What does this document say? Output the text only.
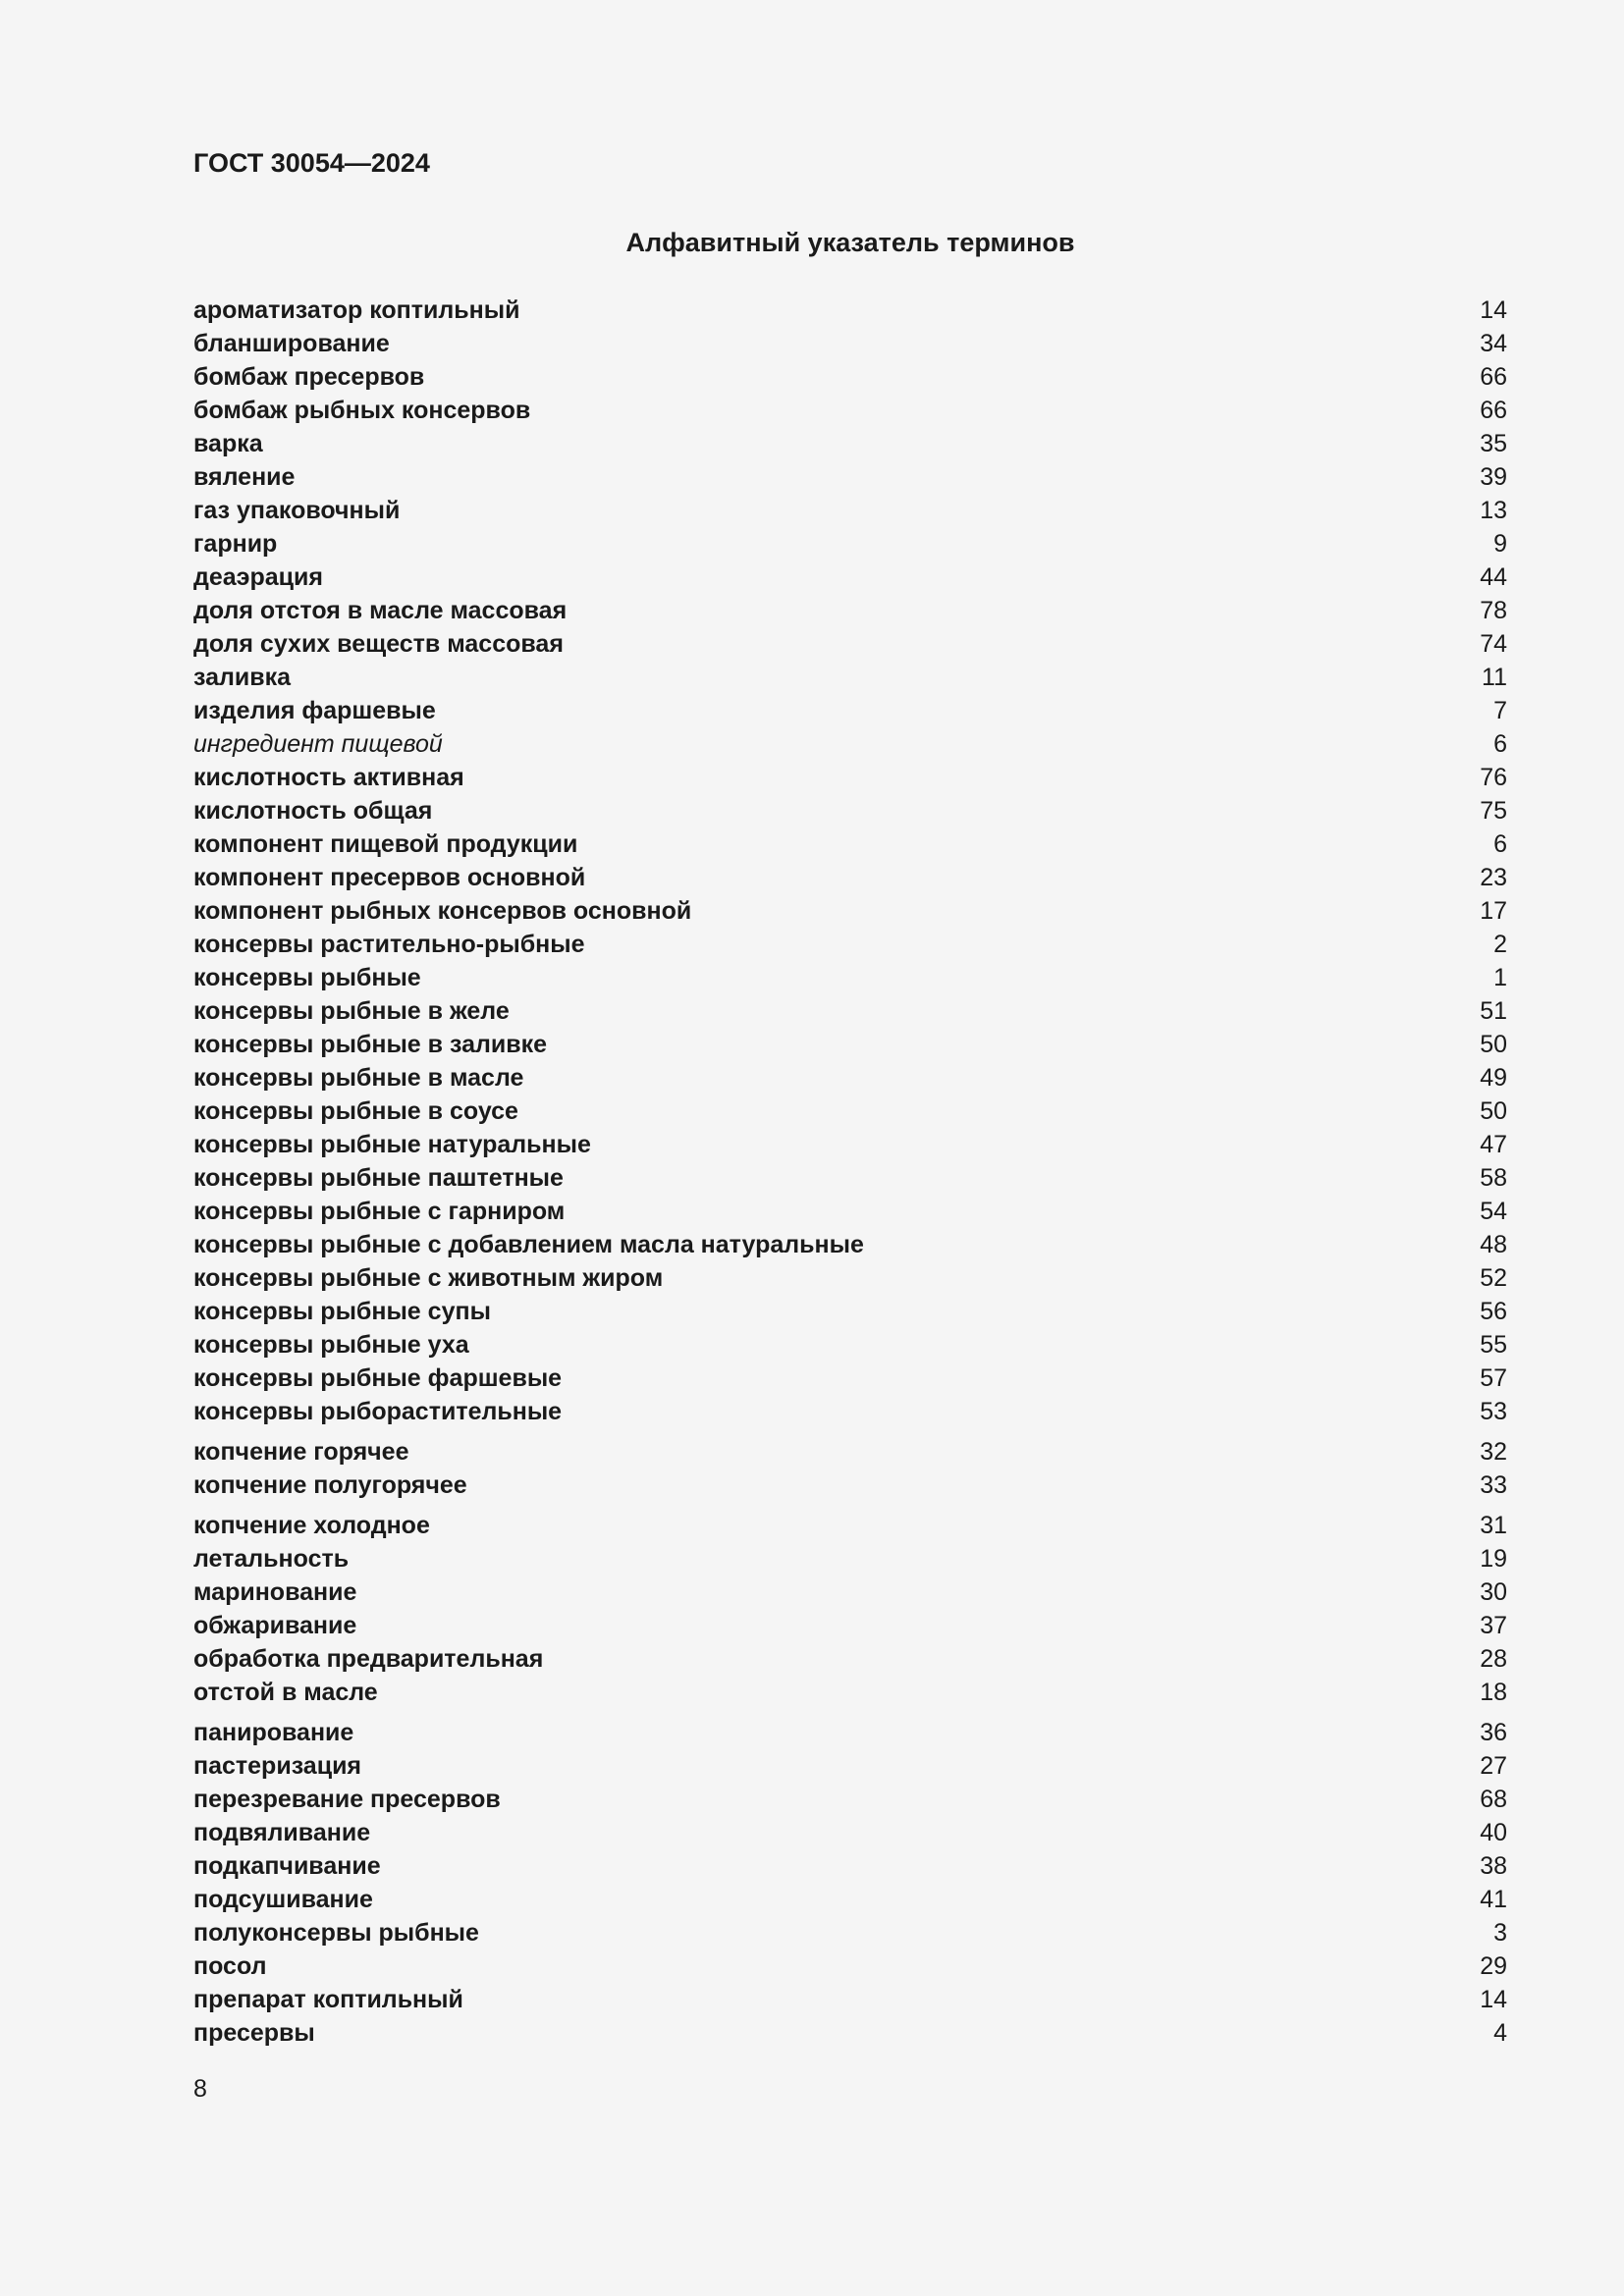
ГОСТ 30054—2024
Алфавитный указатель терминов
ароматизатор коптильный	14
бланширование	34
бомбаж пресервов	66
бомбаж рыбных консервов	66
варка	35
вяление	39
газ упаковочный	13
гарнир	9
деаэрация	44
доля отстоя в масле массовая	78
доля сухих веществ массовая	74
заливка	11
изделия фаршевые	7
ингредиент пищевой	6
кислотность активная	76
кислотность общая	75
компонент пищевой продукции	6
компонент пресервов основной	23
компонент рыбных консервов основной	17
консервы растительно-рыбные	2
консервы рыбные	1
консервы рыбные в желе	51
консервы рыбные в заливке	50
консервы рыбные в масле	49
консервы рыбные в соусе	50
консервы рыбные натуральные	47
консервы рыбные паштетные	58
консервы рыбные с гарниром	54
консервы рыбные с добавлением масла натуральные	48
консервы рыбные с животным жиром	52
консервы рыбные супы	56
консервы рыбные уха	55
консервы рыбные фаршевые	57
консервы рыборастительные	53
копчение горячее	32
копчение полугорячее	33
копчение холодное	31
летальность	19
маринование	30
обжаривание	37
обработка предварительная	28
отстой в масле	18
панирование	36
пастеризация	27
перезревание пресервов	68
подвяливание	40
подкапчивание	38
подсушивание	41
полуконсервы рыбные	3
посол	29
препарат коптильный	14
пресервы	4

8
